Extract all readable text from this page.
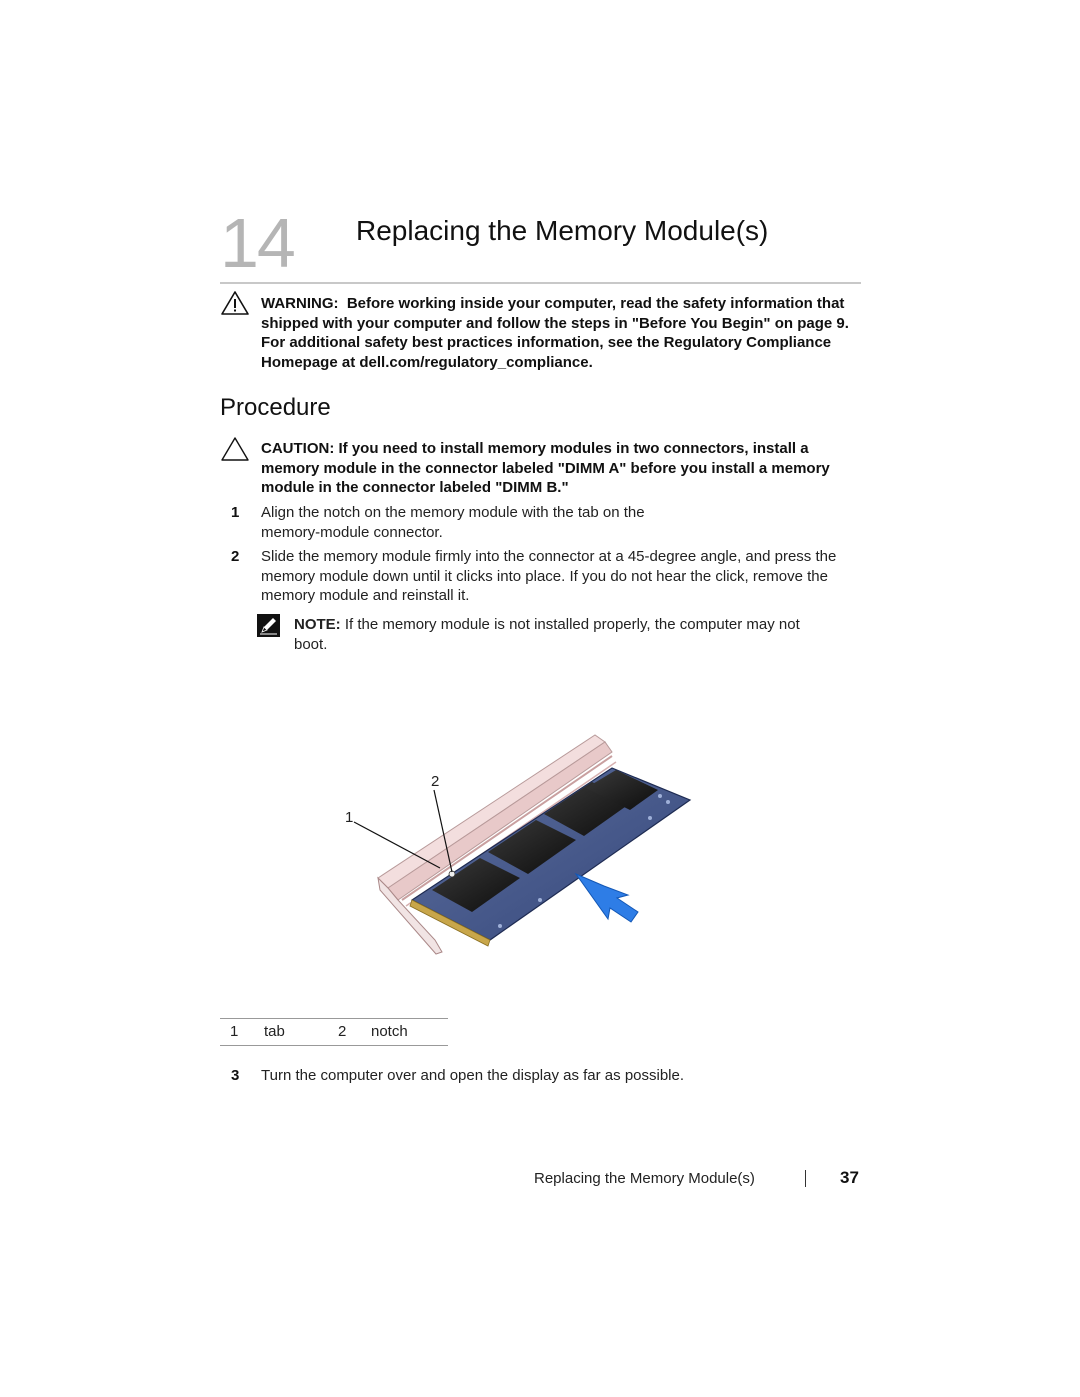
14 Replacing the Memory Module(s)
WARNING: Before working inside your computer, read the safety information that shipped with your computer and follow the steps in "Before You Begin" on page 9. For additional safety best practices information, see the Regulatory Compliance Homepage at dell.com/regulatory_compliance.
Procedure
CAUTION: If you need to install memory modules in two connectors, install a memory module in the connector labeled "DIMM A" before you install a memory module in the connector labeled "DIMM B."
1 Align the notch on the memory module with the tab on the memory-module connector.
2 Slide the memory module firmly into the connector at a 45-degree angle, and press the memory module down until it clicks into place. If you do not hear the click, remove the memory module and reinstall it.
NOTE: If the memory module is not installed properly, the computer may not boot.
1
2
1 tab	2 notch
3 Turn the computer over and open the display as far as possible.
Replacing the Memory Module(s)	37
